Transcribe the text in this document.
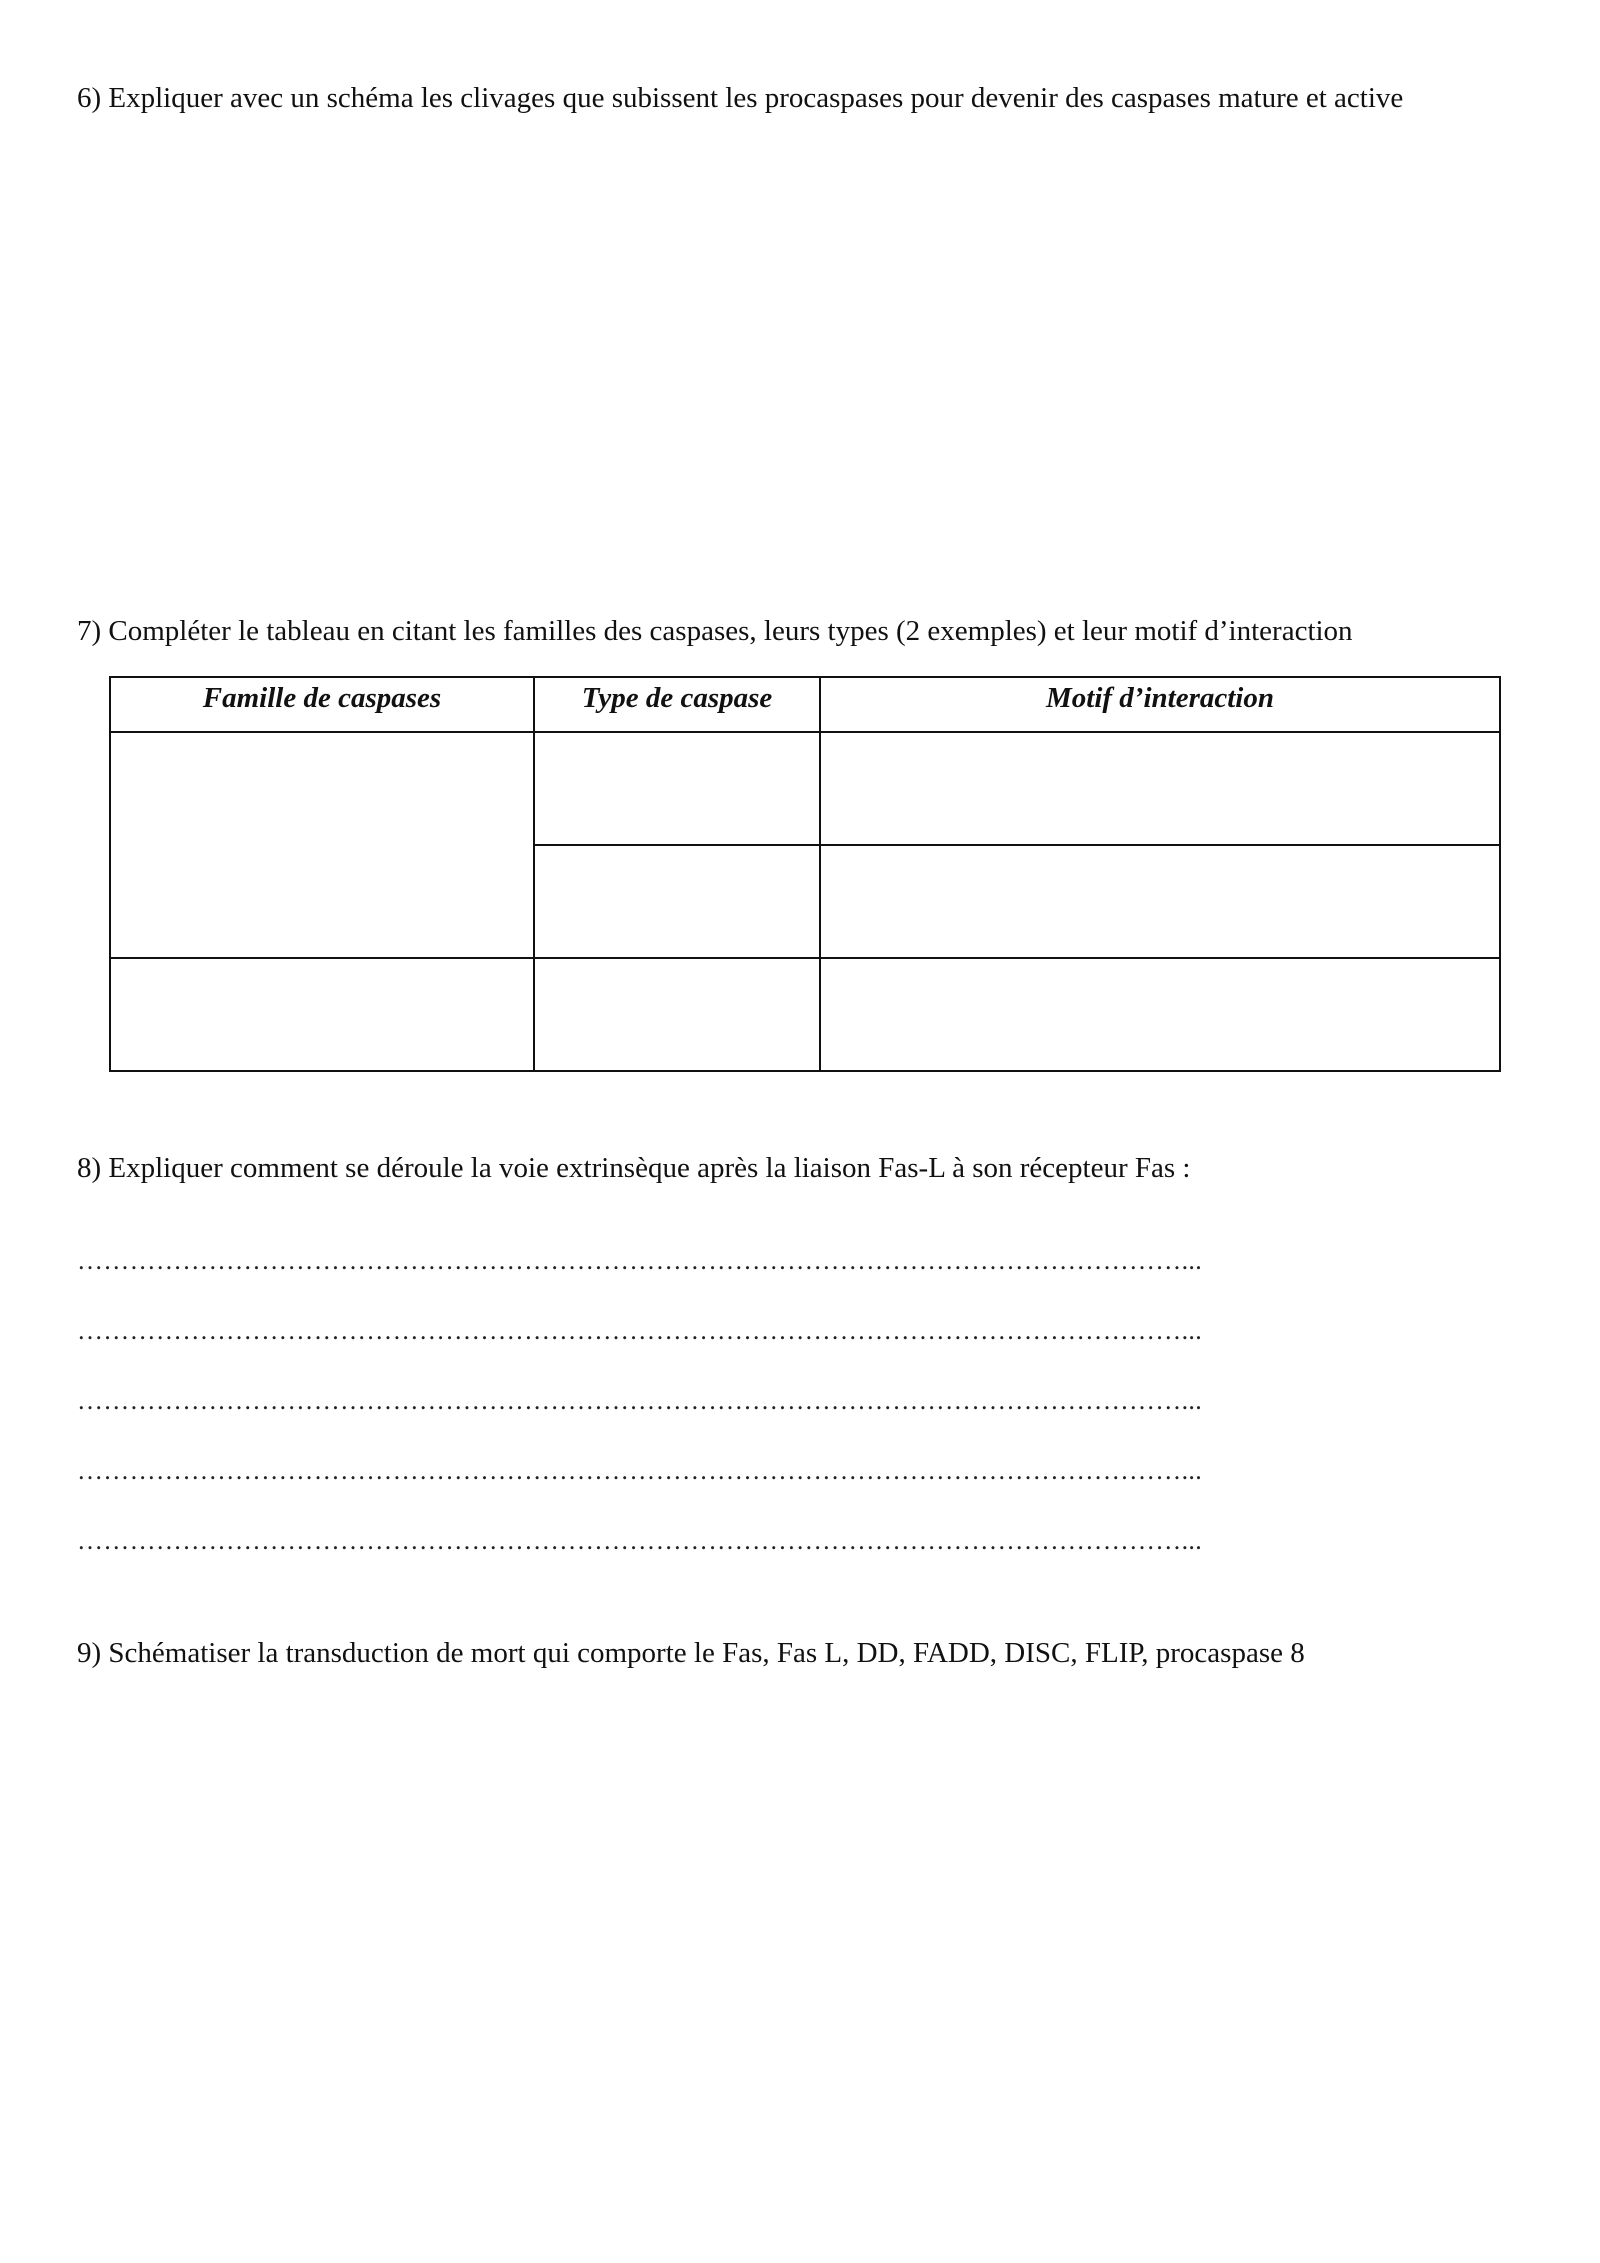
6) Expliquer avec un schéma les clivages que subissent les procaspases pour devenir des caspases mature et active

7) Compléter le tableau en citant les familles des caspases, leurs types (2 exemples) et leur motif d’interaction

Famille de caspases	Type de caspase	Motif d’interaction

8) Expliquer comment se déroule la voie extrinsèque après la liaison Fas-L à son récepteur Fas :

………………………………………………………………………………………………………………...
………………………………………………………………………………………………………………...
………………………………………………………………………………………………………………...
………………………………………………………………………………………………………………...
………………………………………………………………………………………………………………...

9) Schématiser la transduction de mort qui comporte le Fas, Fas L, DD, FADD, DISC, FLIP, procaspase 8
